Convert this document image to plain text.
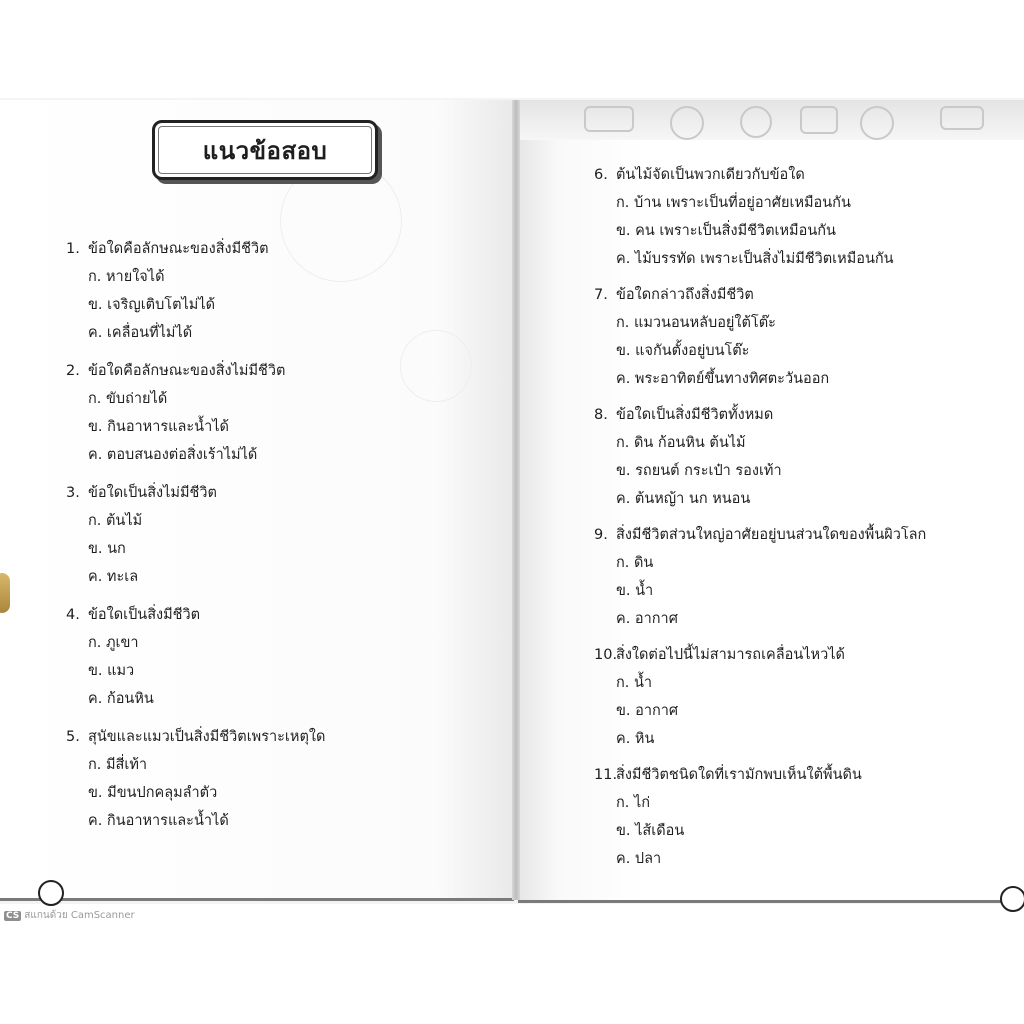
แนวข้อสอบ
1. ข้อใดคือลักษณะของสิ่งมีชีวิต
ก. หายใจได้
ข. เจริญเติบโตไม่ได้
ค. เคลื่อนที่ไม่ได้
2. ข้อใดคือลักษณะของสิ่งไม่มีชีวิต
ก. ขับถ่ายได้
ข. กินอาหารและน้ำได้
ค. ตอบสนองต่อสิ่งเร้าไม่ได้
3. ข้อใดเป็นสิ่งไม่มีชีวิต
ก. ต้นไม้
ข. นก
ค. ทะเล
4. ข้อใดเป็นสิ่งมีชีวิต
ก. ภูเขา
ข. แมว
ค. ก้อนหิน
5. สุนัขและแมวเป็นสิ่งมีชีวิตเพราะเหตุใด
ก. มีสี่เท้า
ข. มีขนปกคลุมลำตัว
ค. กินอาหารและน้ำได้
6. ต้นไม้จัดเป็นพวกเดียวกับข้อใด
ก. บ้าน เพราะเป็นที่อยู่อาศัยเหมือนกัน
ข. คน เพราะเป็นสิ่งมีชีวิตเหมือนกัน
ค. ไม้บรรทัด เพราะเป็นสิ่งไม่มีชีวิตเหมือนกัน
7. ข้อใดกล่าวถึงสิ่งมีชีวิต
ก. แมวนอนหลับอยู่ใต้โต๊ะ
ข. แจกันตั้งอยู่บนโต๊ะ
ค. พระอาทิตย์ขึ้นทางทิศตะวันออก
8. ข้อใดเป็นสิ่งมีชีวิตทั้งหมด
ก. ดิน ก้อนหิน ต้นไม้
ข. รถยนต์ กระเป๋า รองเท้า
ค. ต้นหญ้า นก หนอน
9. สิ่งมีชีวิตส่วนใหญ่อาศัยอยู่บนส่วนใดของพื้นผิวโลก
ก. ดิน
ข. น้ำ
ค. อากาศ
10.
สิ่งใดต่อไปนี้ไม่สามารถเคลื่อนไหวได้
ก. น้ำ
ข. อากาศ
ค. หิน
11.
สิ่งมีชีวิตชนิดใดที่เรามักพบเห็นใต้พื้นดิน
ก. ไก่
ข. ไส้เดือน
ค. ปลา
CS สแกนด้วย CamScanner
